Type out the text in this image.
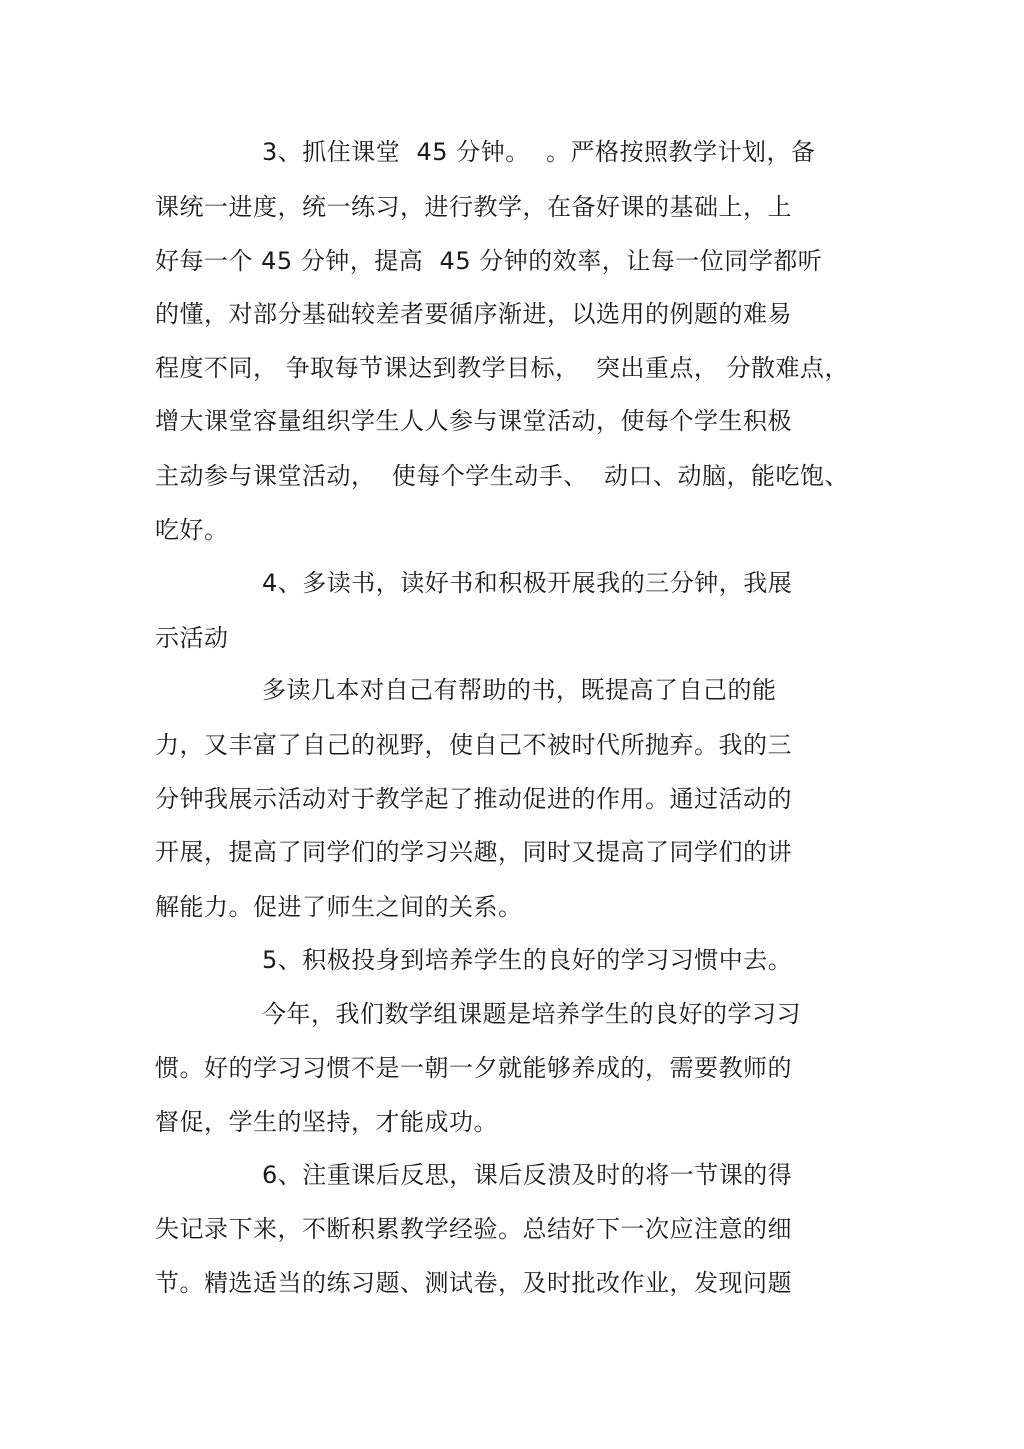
3、抓住课堂  45 分钟。  。严格按照教学计划，备
课统一进度，统一练习，进行教学，在备好课的基础上，上
好每一个 45 分钟，提高  45 分钟的效率，让每一位同学都听
的懂，对部分基础较差者要循序渐进，以选用的例题的难易
程度不同， 争取每节课达到教学目标，  突出重点， 分散难点，
增大课堂容量组织学生人人参与课堂活动，使每个学生积极
主动参与课堂活动，  使每个学生动手、  动口、动脑，能吃饱、
吃好。
4、多读书，读好书和积极开展我的三分钟，我展
示活动
多读几本对自己有帮助的书，既提高了自己的能
力，又丰富了自己的视野，使自己不被时代所抛弃。我的三
分钟我展示活动对于教学起了推动促进的作用。通过活动的
开展，提高了同学们的学习兴趣，同时又提高了同学们的讲
解能力。促进了师生之间的关系。
5、积极投身到培养学生的良好的学习习惯中去。
今年，我们数学组课题是培养学生的良好的学习习
惯。好的学习习惯不是一朝一夕就能够养成的，需要教师的
督促，学生的坚持，才能成功。
6、注重课后反思，课后反溃及时的将一节课的得
失记录下来，不断积累教学经验。总结好下一次应注意的细
节。精选适当的练习题、测试卷，及时批改作业，发现问题
